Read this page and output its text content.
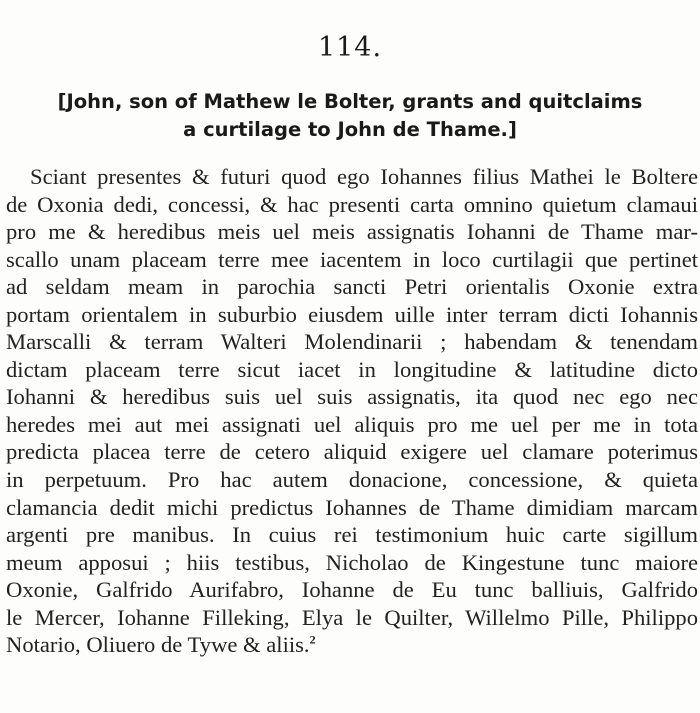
114.
[John, son of Mathew le Bolter, grants and quitclaims
a curtilage to John de Thame.]
Sciant presentes & futuri quod ego Iohannes filius Mathei le Boltere
de Oxonia dedi, concessi, & hac presenti carta omnino quietum clamaui
pro me & heredibus meis uel meis assignatis Iohanni de Thame mar-
scallo unam placeam terre mee iacentem in loco curtilagii que pertinet
ad seldam meam in parochia sancti Petri orientalis Oxonie extra
portam orientalem in suburbio eiusdem uille inter terram dicti Iohannis
Marscalli & terram Walteri Molendinarii ; habendam & tenendam
dictam placeam terre sicut iacet in longitudine & latitudine dicto
Iohanni & heredibus suis uel suis assignatis, ita quod nec ego nec
heredes mei aut mei assignati uel aliquis pro me uel per me in tota
predicta placea terre de cetero aliquid exigere uel clamare poterimus
in perpetuum. Pro hac autem donacione, concessione, & quieta
clamancia dedit michi predictus Iohannes de Thame dimidiam marcam
argenti pre manibus. In cuius rei testimonium huic carte sigillum
meum apposui ; hiis testibus, Nicholao de Kingestune tunc maiore
Oxonie, Galfrido Aurifabro, Iohanne de Eu tunc balliuis, Galfrido
le Mercer, Iohanne Filleking, Elya le Quilter, Willelmo Pille, Philippo
Notario, Oliuero de Tywe & aliis.$^2$
